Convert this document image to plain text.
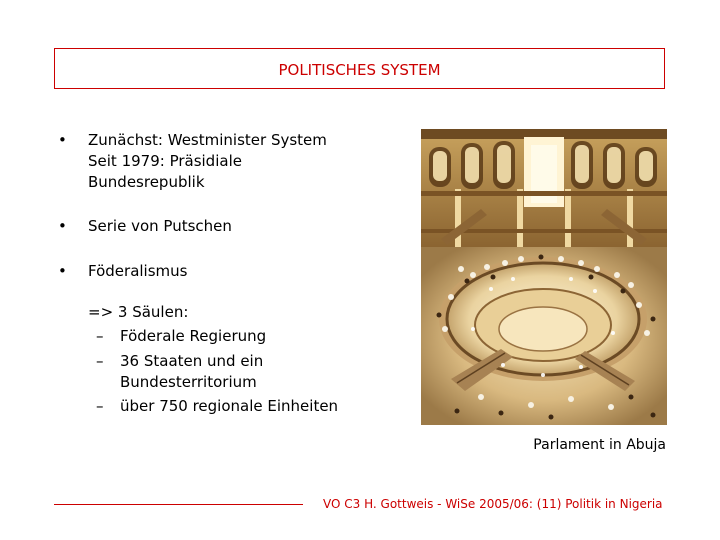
POLITISCHES SYSTEM
• Zunächst: Westminister System
Seit 1979: Präsidiale
Bundesrepublik
• Serie von Putschen
• Föderalismus
=> 3 Säulen:
– Föderale Regierung
– 36 Staaten und ein
Bundesterritorium
– über 750 regionale Einheiten
Parlament in Abuja
VO C3 H. Gottweis - WiSe 2005/06: (11) Politik in Nigeria
